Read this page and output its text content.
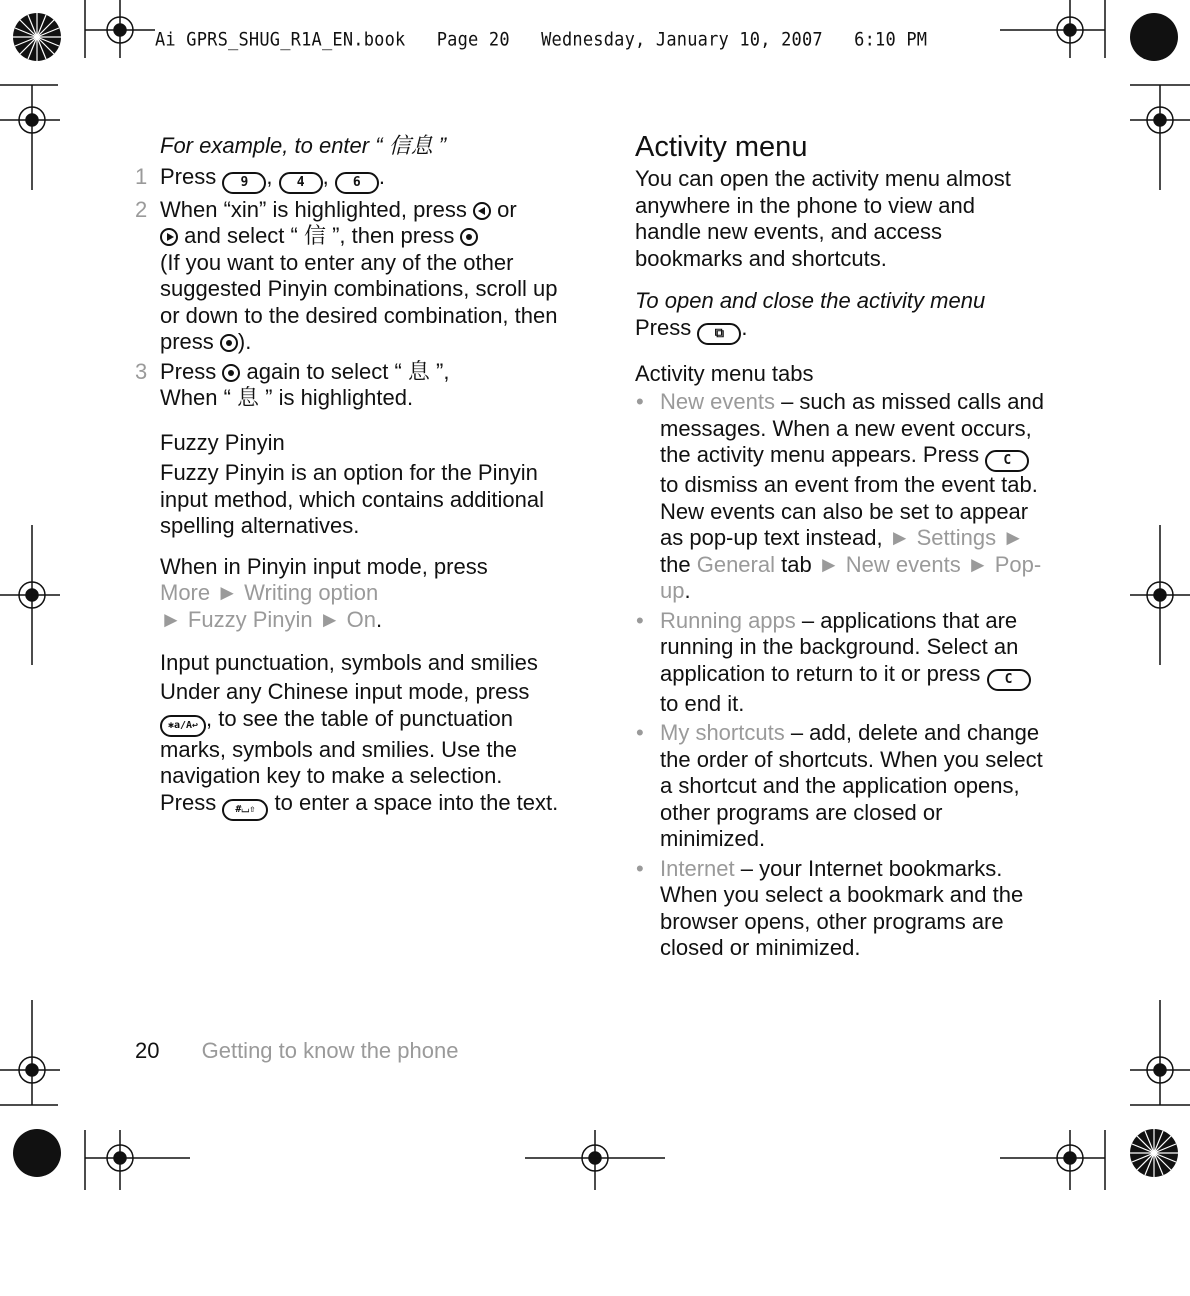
Ai GPRS_SHUG_R1A_EN.book Page 20 Wednesday, January 10, 2007 6:10 PM
For example, to enter “ 信息 ”
1 Press 9 , 4 , 6 .
2 When “xin” is highlighted, press or
and select “ 信 ”, then press
(If you want to enter any of the other suggested Pinyin combinations, scroll up or down to the desired combination, then press ).
3 Press again to select “ 息 ”,
When “ 息 ” is highlighted.
Fuzzy Pinyin
Fuzzy Pinyin is an option for the Pinyin input method, which contains additional spelling alternatives.
When in Pinyin input mode, press
More ► Writing option
► Fuzzy Pinyin ► On.
Input punctuation, symbols and smilies
Under any Chinese input mode, press
✱a/A↩ , to see the table of punctuation marks, symbols and smilies. Use the navigation key to make a selection.
Press #⌴⇧ to enter a space into the text.
Activity menu
You can open the activity menu almost anywhere in the phone to view and handle new events, and access bookmarks and shortcuts.
To open and close the activity menu
Press ⧉ .
Activity menu tabs
• New events – such as missed calls and messages. When a new event occurs, the activity menu appears. Press C to dismiss an event from the event tab. New events can also be set to appear as pop-up text instead, ► Settings ► the General tab ► New events ► Pop-up.
• Running apps – applications that are running in the background. Select an application to return to it or press C to end it.
• My shortcuts – add, delete and change the order of shortcuts. When you select a shortcut and the application opens, other programs are closed or minimized.
• Internet – your Internet bookmarks. When you select a bookmark and the browser opens, other programs are closed or minimized.
20 Getting to know the phone
